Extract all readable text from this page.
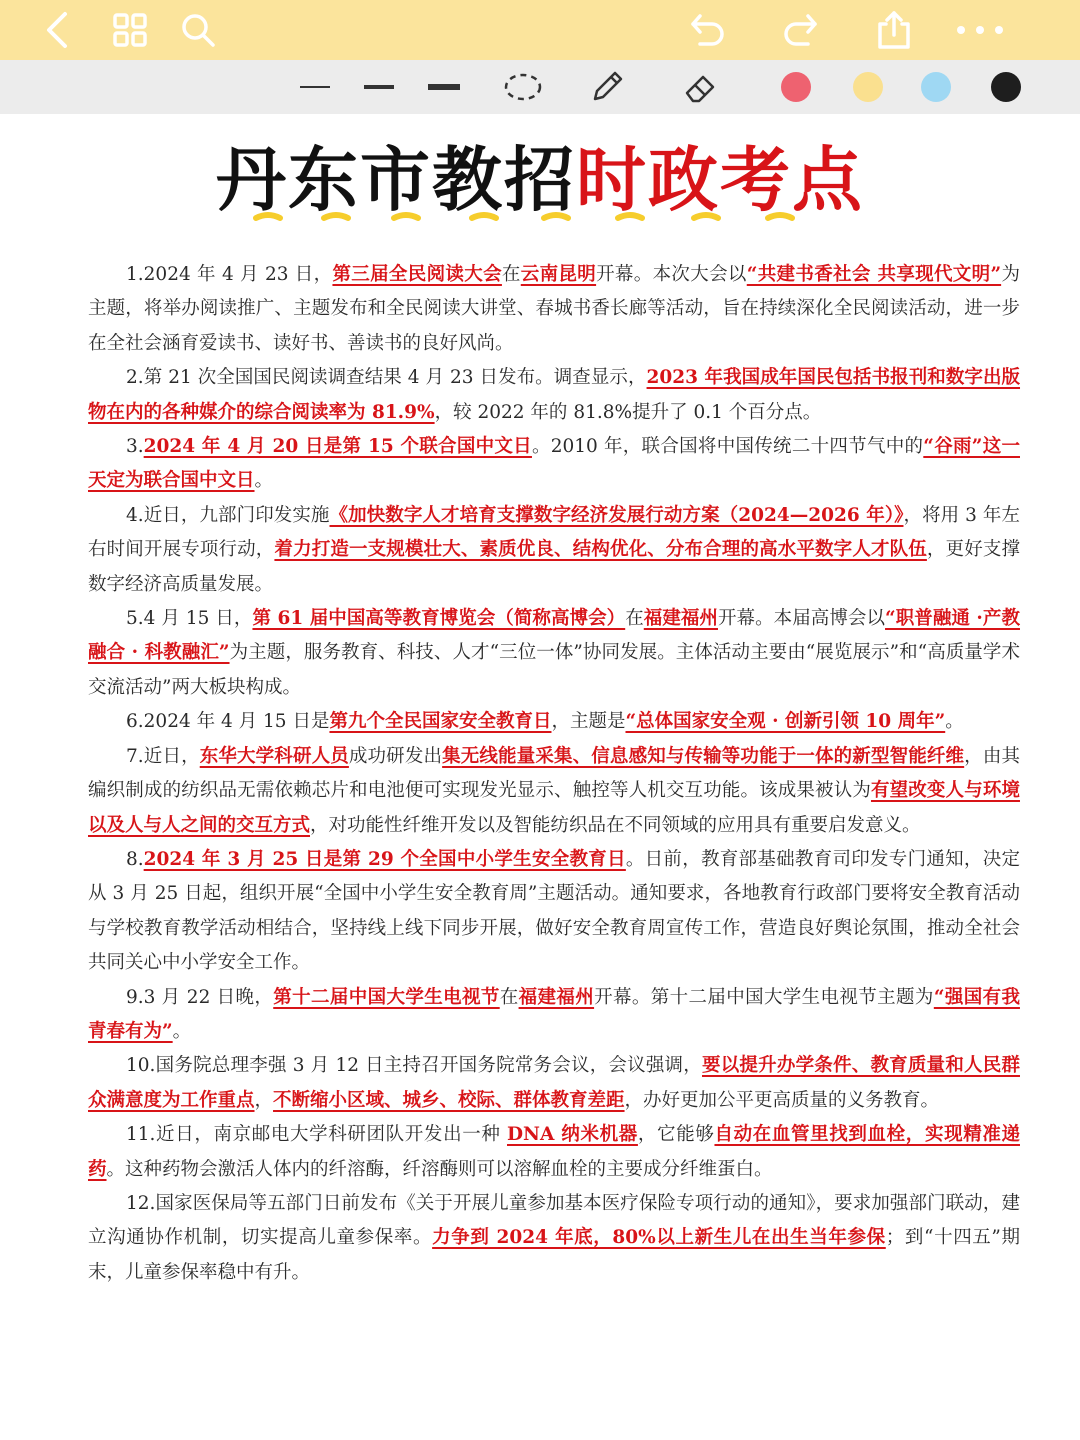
丹东市教招时政考点

1.2024 年 4 月 23 日，第三届全民阅读大会在云南昆明开幕。本次大会以“共建书香社会 共享现代文明”为主题，将举办阅读推广、主题发布和全民阅读大讲堂、春城书香长廊等活动，旨在持续深化全民阅读活动，进一步在全社会涵育爱读书、读好书、善读书的良好风尚。

2.第 21 次全国国民阅读调查结果 4 月 23 日发布。调查显示，2023 年我国成年国民包括书报刊和数字出版物在内的各种媒介的综合阅读率为 81.9%，较 2022 年的 81.8%提升了 0.1 个百分点。

3.2024 年 4 月 20 日是第 15 个联合国中文日。2010 年，联合国将中国传统二十四节气中的“谷雨”这一天定为联合国中文日。

4.近日，九部门印发实施《加快数字人才培育支撑数字经济发展行动方案（2024—2026 年）》，将用 3 年左右时间开展专项行动，着力打造一支规模壮大、素质优良、结构优化、分布合理的高水平数字人才队伍，更好支撑数字经济高质量发展。

5.4 月 15 日，第 61 届中国高等教育博览会（简称高博会）在福建福州开幕。本届高博会以“职普融通 ·产教融合 · 科教融汇”为主题，服务教育、科技、人才“三位一体”协同发展。主体活动主要由“展览展示”和“高质量学术交流活动”两大板块构成。

6.2024 年 4 月 15 日是第九个全民国家安全教育日，主题是“总体国家安全观 · 创新引领 10 周年”。

7.近日，东华大学科研人员成功研发出集无线能量采集、信息感知与传输等功能于一体的新型智能纤维，由其编织制成的纺织品无需依赖芯片和电池便可实现发光显示、触控等人机交互功能。该成果被认为有望改变人与环境以及人与人之间的交互方式，对功能性纤维开发以及智能纺织品在不同领域的应用具有重要启发意义。

8.2024 年 3 月 25 日是第 29 个全国中小学生安全教育日。日前，教育部基础教育司印发专门通知，决定从 3 月 25 日起，组织开展“全国中小学生安全教育周”主题活动。通知要求，各地教育行政部门要将安全教育活动与学校教育教学活动相结合，坚持线上线下同步开展，做好安全教育周宣传工作，营造良好舆论氛围，推动全社会共同关心中小学安全工作。

9.3 月 22 日晚，第十二届中国大学生电视节在福建福州开幕。第十二届中国大学生电视节主题为“强国有我 青春有为”。

10.国务院总理李强 3 月 12 日主持召开国务院常务会议，会议强调，要以提升办学条件、教育质量和人民群众满意度为工作重点，不断缩小区域、城乡、校际、群体教育差距，办好更加公平更高质量的义务教育。

11.近日，南京邮电大学科研团队开发出一种 DNA 纳米机器，它能够自动在血管里找到血栓，实现精准递药。这种药物会激活人体内的纤溶酶，纤溶酶则可以溶解血栓的主要成分纤维蛋白。

12.国家医保局等五部门日前发布《关于开展儿童参加基本医疗保险专项行动的通知》，要求加强部门联动，建立沟通协作机制，切实提高儿童参保率。力争到 2024 年底，80%以上新生儿在出生当年参保；到“十四五”期末，儿童参保率稳中有升。
